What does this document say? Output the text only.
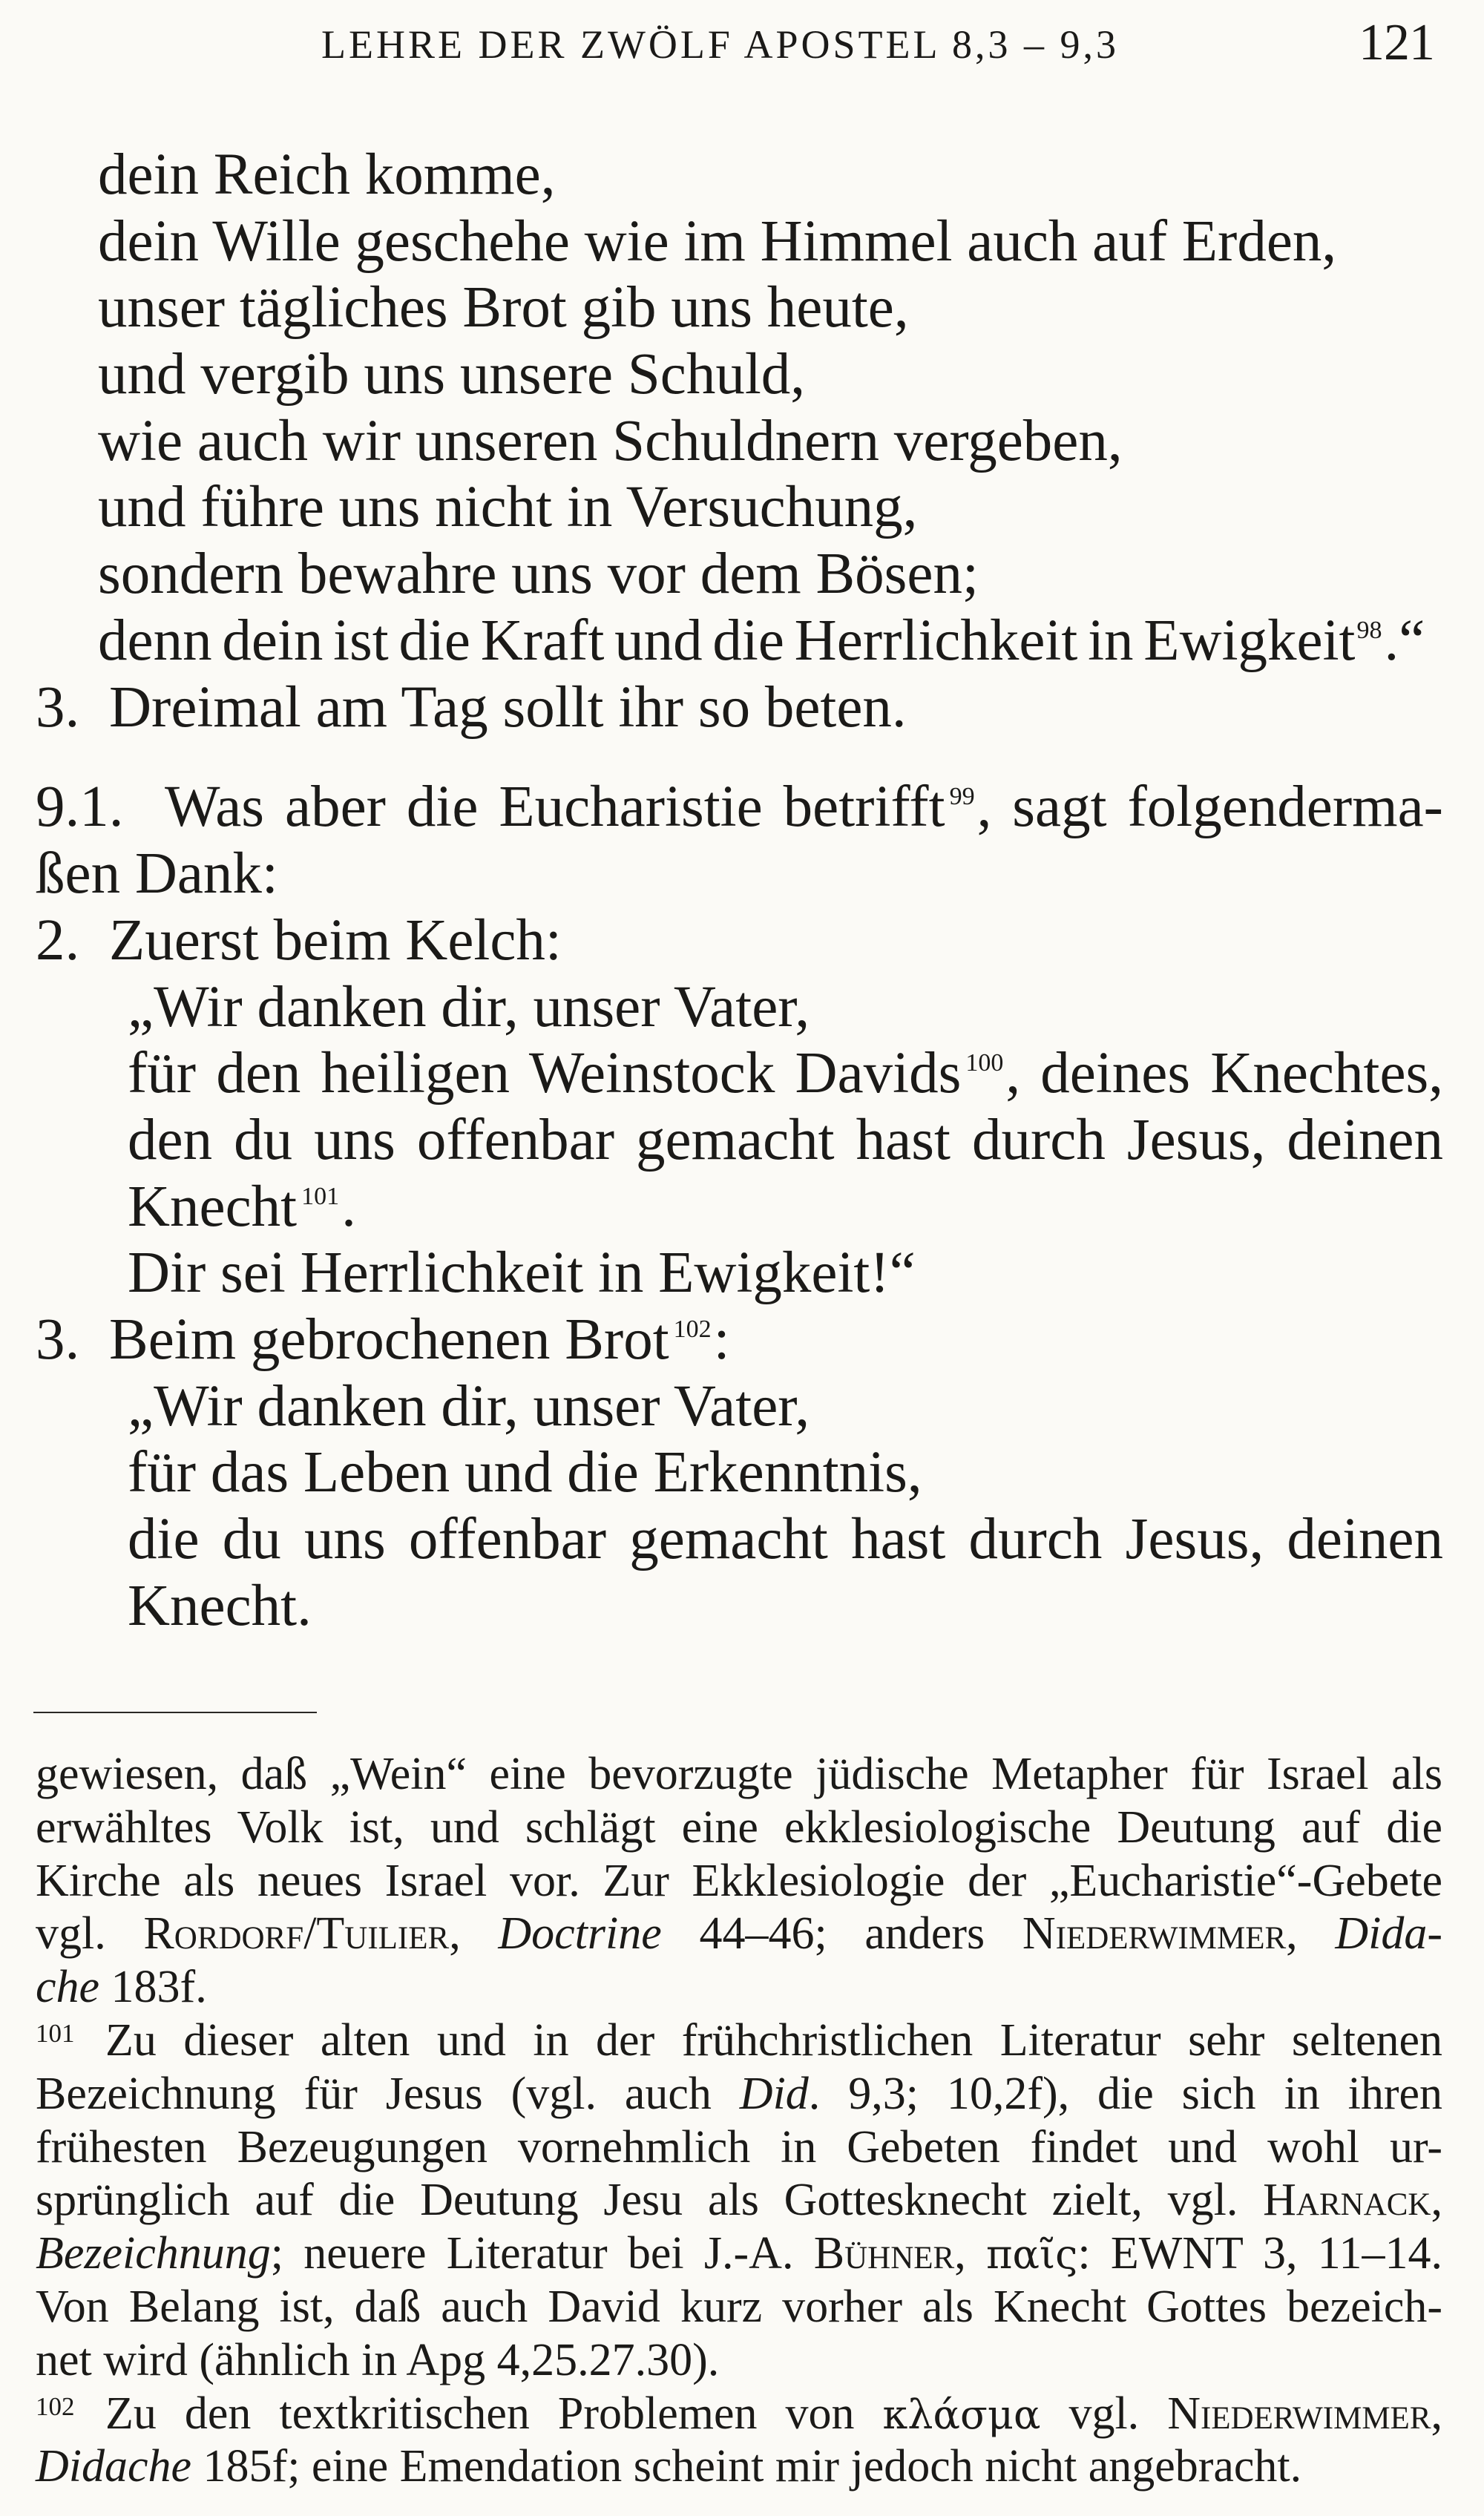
LEHRE DER ZWÖLF APOSTEL 8,3 – 9,3	121
dein Reich komme,
dein Wille geschehe wie im Himmel auch auf Erden,
unser tägliches Brot gib uns heute,
und vergib uns unsere Schuld,
wie auch wir unseren Schuldnern vergeben,
und führe uns nicht in Versuchung,
sondern bewahre uns vor dem Bösen;
denn dein ist die Kraft und die Herrlichkeit in Ewigkeit$^{98}$.“
3. Dreimal am Tag sollt ihr so beten.
9.1. Was aber die Eucharistie betrifft $^{99}$, sagt folgenderma-
ßen Dank:
2. Zuerst beim Kelch:
„Wir danken dir, unser Vater,
für den heiligen Weinstock Davids $^{100}$, deines Knechtes,
den du uns offenbar gemacht hast durch Jesus, deinen
Knecht $^{101}$.
Dir sei Herrlichkeit in Ewigkeit!“
3. Beim gebrochenen Brot $^{102}$:
„Wir danken dir, unser Vater,
für das Leben und die Erkenntnis,
die du uns offenbar gemacht hast durch Jesus, deinen
Knecht.
gewiesen, daß „Wein“ eine bevorzugte jüdische Metapher für Israel als
erwähltes Volk ist, und schlägt eine ekklesiologische Deutung auf die
Kirche als neues Israel vor. Zur Ekklesiologie der „Eucharistie“-Gebete
vgl. Rordorf/Tuilier, Doctrine 44–46; anders Niederwimmer, Dida-
che 183f.
101 Zu dieser alten und in der frühchristlichen Literatur sehr seltenen
Bezeichnung für Jesus (vgl. auch Did. 9,3; 10,2f), die sich in ihren
frühesten Bezeugungen vornehmlich in Gebeten findet und wohl ur-
sprünglich auf die Deutung Jesu als Gottesknecht zielt, vgl. Harnack,
Bezeichnung; neuere Literatur bei J.-A. Bühner, παῖς: EWNT 3, 11–14.
Von Belang ist, daß auch David kurz vorher als Knecht Gottes bezeich-
net wird (ähnlich in Apg 4,25.27.30).
102 Zu den textkritischen Problemen von κλάσμα vgl. Niederwimmer,
Didache 185f; eine Emendation scheint mir jedoch nicht angebracht.
